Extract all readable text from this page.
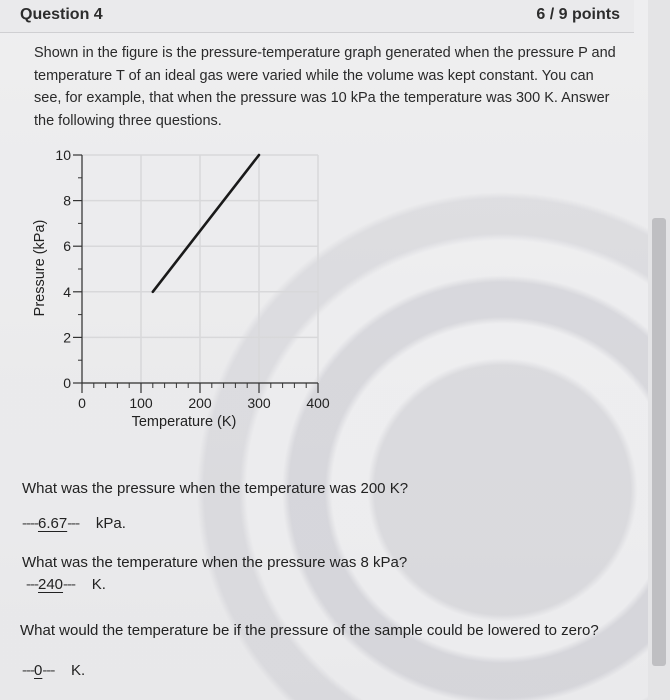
Question 4	6 / 9 points
Shown in the figure is the pressure-temperature graph generated when the pressure P and temperature T of an ideal gas were varied while the volume was kept constant. You can see, for example, that when the pressure was 10 kPa the temperature was 300 K. Answer the following three questions.
0
2
4
6
8
10
0	100	200	300	400
Temperature (K)
Pressure (kPa)
What was the pressure when the temperature was 200 K?
----6.67--- kPa.
What was the temperature when the pressure was 8 kPa?
---240--- K.
What would the temperature be if the pressure of the sample could be lowered to zero?
---0--- K.
